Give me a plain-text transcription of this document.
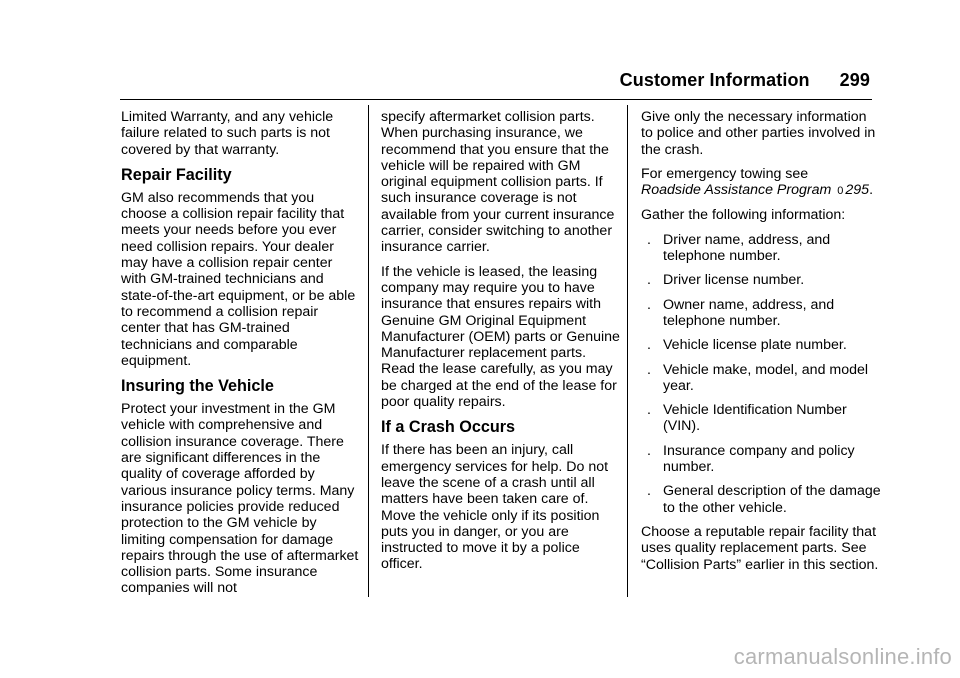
Customer Information 299

Limited Warranty, and any vehicle failure related to such parts is not covered by that warranty.

Repair Facility

GM also recommends that you choose a collision repair facility that meets your needs before you ever need collision repairs. Your dealer may have a collision repair center with GM-trained technicians and state-of-the-art equipment, or be able to recommend a collision repair center that has GM-trained technicians and comparable equipment.

Insuring the Vehicle

Protect your investment in the GM vehicle with comprehensive and collision insurance coverage. There are significant differences in the quality of coverage afforded by various insurance policy terms. Many insurance policies provide reduced protection to the GM vehicle by limiting compensation for damage repairs through the use of aftermarket collision parts. Some insurance companies will not

specify aftermarket collision parts. When purchasing insurance, we recommend that you ensure that the vehicle will be repaired with GM original equipment collision parts. If such insurance coverage is not available from your current insurance carrier, consider switching to another insurance carrier.

If the vehicle is leased, the leasing company may require you to have insurance that ensures repairs with Genuine GM Original Equipment Manufacturer (OEM) parts or Genuine Manufacturer replacement parts. Read the lease carefully, as you may be charged at the end of the lease for poor quality repairs.

If a Crash Occurs

If there has been an injury, call emergency services for help. Do not leave the scene of a crash until all matters have been taken care of. Move the vehicle only if its position puts you in danger, or you are instructed to move it by a police officer.

Give only the necessary information to police and other parties involved in the crash.

For emergency towing see
Roadside Assistance Program 0 295.

Gather the following information:

. Driver name, address, and telephone number.
. Driver license number.
. Owner name, address, and telephone number.
. Vehicle license plate number.
. Vehicle make, model, and model year.
. Vehicle Identification Number (VIN).
. Insurance company and policy number.
. General description of the damage to the other vehicle.

Choose a reputable repair facility that uses quality replacement parts. See “Collision Parts” earlier in this section.

carmanualsonline.info
